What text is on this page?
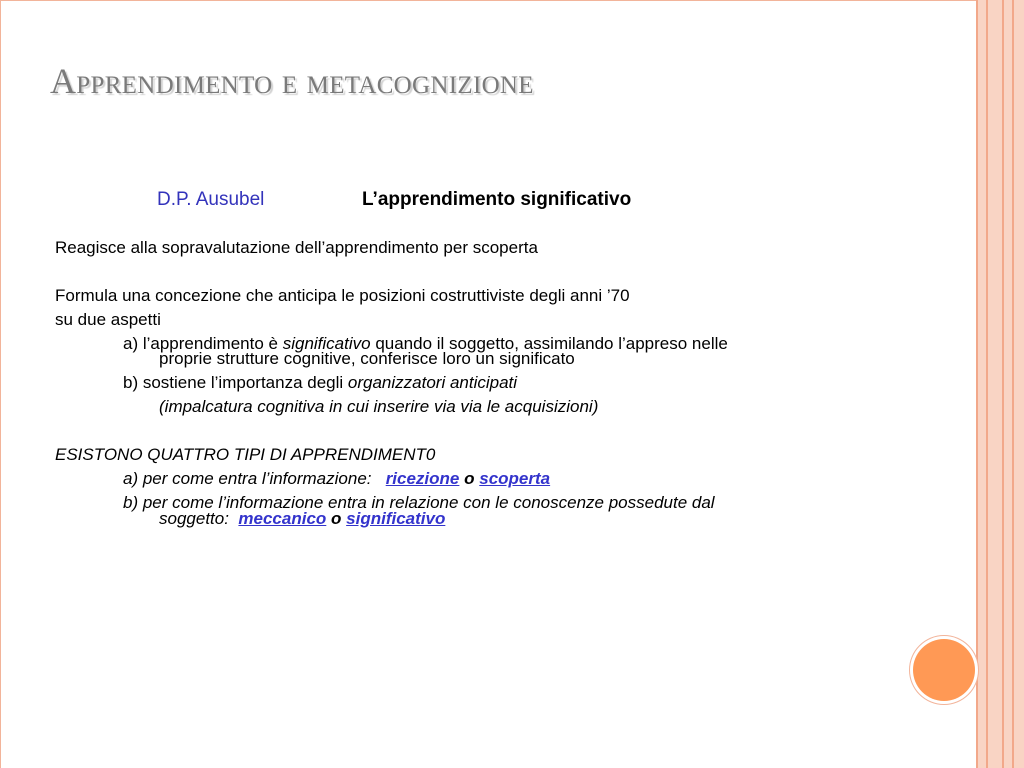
Apprendimento e metacognizione
D.P. Ausubel	L’apprendimento significativo
Reagisce alla sopravalutazione dell’apprendimento per scoperta
Formula una concezione che anticipa le posizioni costruttiviste degli anni ’70
su due aspetti
a) l’apprendimento è significativo quando il soggetto, assimilando l’appreso nelle
proprie strutture cognitive, conferisce loro un significato
b) sostiene l’importanza degli organizzatori anticipati
(impalcatura cognitiva in cui inserire via via le acquisizioni)
ESISTONO QUATTRO TIPI DI APPRENDIMENT0
a) per come entra l’informazione: ricezione o scoperta
b) per come l’informazione entra in relazione con le conoscenze possedute dal
soggetto: meccanico o significativo
